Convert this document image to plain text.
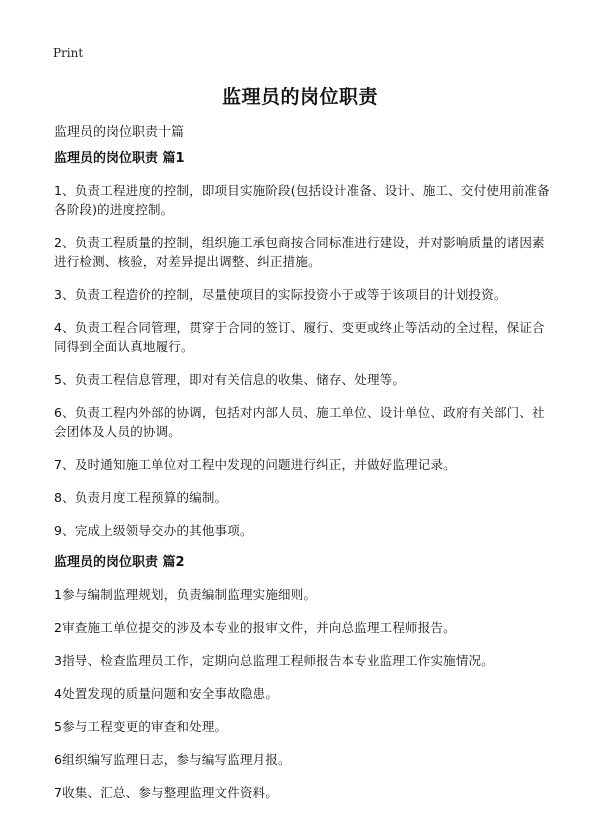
Print
监理员的岗位职责
监理员的岗位职责十篇
监理员的岗位职责 篇1
1、负责工程进度的控制，即项目实施阶段(包括设计准备、设计、施工、交付使用前准备各阶段)的进度控制。
2、负责工程质量的控制，组织施工承包商按合同标准进行建设，并对影响质量的诸因素进行检测、核验，对差异提出调整、纠正措施。
3、负责工程造价的控制，尽量使项目的实际投资小于或等于该项目的计划投资。
4、负责工程合同管理，贯穿于合同的签订、履行、变更或终止等活动的全过程，保证合同得到全面认真地履行。
5、负责工程信息管理，即对有关信息的收集、储存、处理等。
6、负责工程内外部的协调，包括对内部人员、施工单位、设计单位、政府有关部门、社会团体及人员的协调。
7、及时通知施工单位对工程中发现的问题进行纠正，并做好监理记录。
8、负责月度工程预算的编制。
9、完成上级领导交办的其他事项。
监理员的岗位职责 篇2
1参与编制监理规划，负责编制监理实施细则。
2审查施工单位提交的涉及本专业的报审文件，并向总监理工程师报告。
3指导、检查监理员工作，定期向总监理工程师报告本专业监理工作实施情况。
4处置发现的质量问题和安全事故隐患。
5参与工程变更的审查和处理。
6组织编写监理日志，参与编写监理月报。
7收集、汇总、参与整理监理文件资料。
